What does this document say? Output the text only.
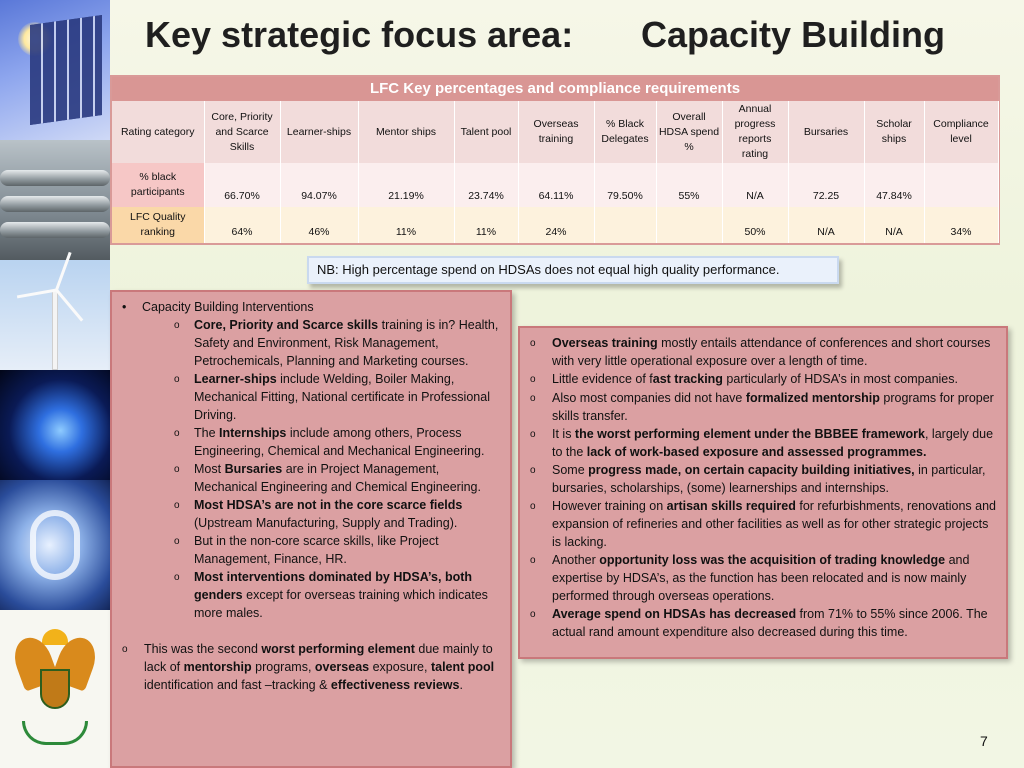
Key strategic focus area: Capacity Building
LFC Key percentages and compliance requirements
Rating category	Core, Priority and Scarce Skills	Learner-ships	Mentor ships	Talent pool	Overseas training	% Black Delegates	Overall HDSA spend %	Annual progress reports rating	Bursaries	Scholar ships	Compliance level
% black participants	66.70%	94.07%	21.19%	23.74%	64.11%	79.50%	55%	N/A	72.25	47.84%	
LFC Quality ranking	64%	46%	11%	11%	24%			50%	N/A	N/A	34%
NB: High percentage spend on HDSAs does not equal high quality performance.
•	Capacity Building Interventions
o	Core, Priority and Scarce skills training is in? Health, Safety and Environment, Risk Management, Petrochemicals, Planning and Marketing courses.
o	Learner-ships include Welding, Boiler Making, Mechanical Fitting, National certificate in Professional Driving.
o	The Internships include among others, Process Engineering, Chemical and Mechanical Engineering.
o	Most Bursaries are in Project Management, Mechanical Engineering and Chemical Engineering.
o	Most HDSA’s are not in the core scarce fields (Upstream Manufacturing, Supply and Trading).
o	But in the non-core scarce skills, like Project Management, Finance, HR.
o	Most interventions dominated by HDSA’s, both genders except for overseas training which indicates more males.
o	This was the second worst performing element due mainly to lack of mentorship programs, overseas exposure, talent pool identification and fast –tracking & effectiveness reviews.
o	Overseas training mostly entails attendance of conferences and short courses with very little operational exposure over a length of time.
o	Little evidence of fast tracking particularly of HDSA’s in most companies.
o	Also most companies did not have formalized mentorship programs for proper skills transfer.
o	It is the worst performing element under the BBBEE framework, largely due to the lack of work-based exposure and assessed programmes.
o	Some progress made, on certain capacity building initiatives, in particular, bursaries, scholarships, (some) learnerships and internships.
o	However training on artisan skills required for refurbishments, renovations and expansion of refineries and other facilities as well as for other strategic projects is lacking.
o	Another opportunity loss was the acquisition of trading knowledge and expertise by HDSA’s, as the function has been relocated and is now mainly performed through overseas operations.
o	Average spend on HDSAs has decreased from 71% to 55% since 2006. The actual rand amount expenditure also decreased during this time.
7
